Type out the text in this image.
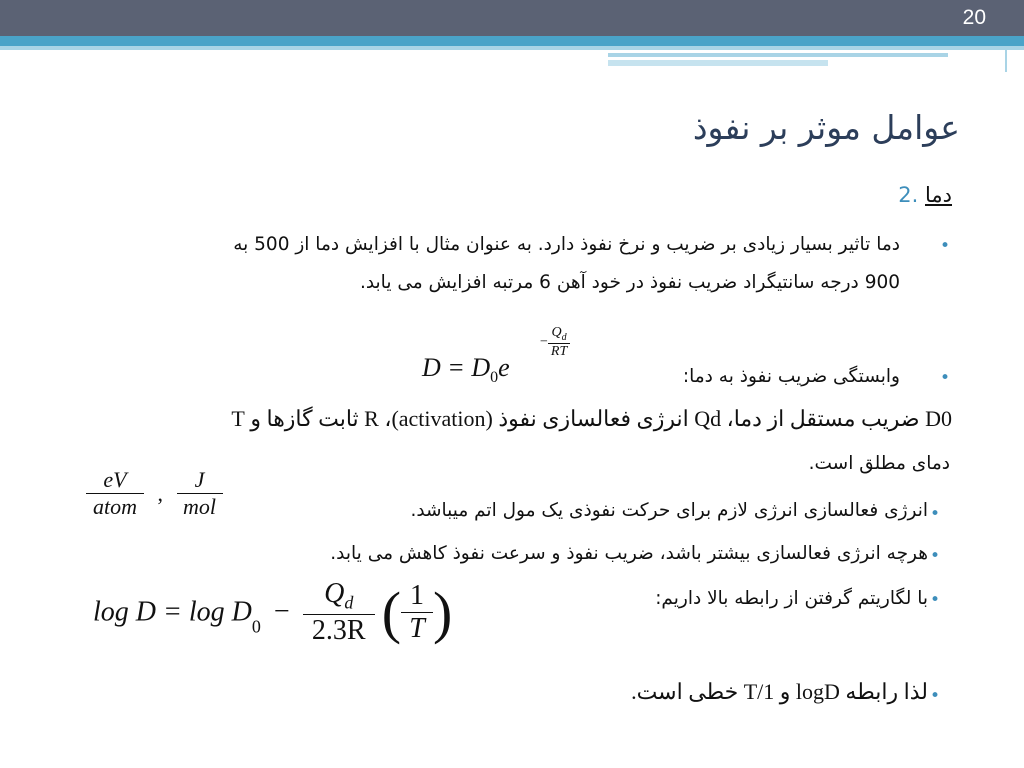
20
عوامل موثر بر نفوذ
دما .2
•
دما تاثیر بسیار زیادی بر ضریب و نرخ نفوذ دارد. به عنوان مثال با افزایش دما از 500 به
900 درجه سانتیگراد ضریب نفوذ در خود آهن 6 مرتبه افزایش می یابد.
•
وابستگی ضریب نفوذ به دما:
$D = D_0e$
− $\frac{Q_d}{RT}$
D0 ضریب مستقل از دما، Qd انرژی فعالسازی نفوذ (activation)، R ثابت گازها و T
دمای مطلق است.
$\frac{eV}{\text{atom}}$ , $\frac{J}{\text{mol}}$	•
انرژی فعالسازی انرژی لازم برای حرکت نفوذی یک مول اتم میباشد.
•
هرچه انرژی فعالسازی بیشتر باشد، ضریب نفوذ و سرعت نفوذ کاهش می یابد.
•
با لگاریتم گرفتن از رابطه بالا داریم:
$\log D = \log D_0 - \frac{Q_d}{2.3R}$ ( $\frac{1}{T}$ )
•
لذا رابطه logD و 1/T خطی است.
